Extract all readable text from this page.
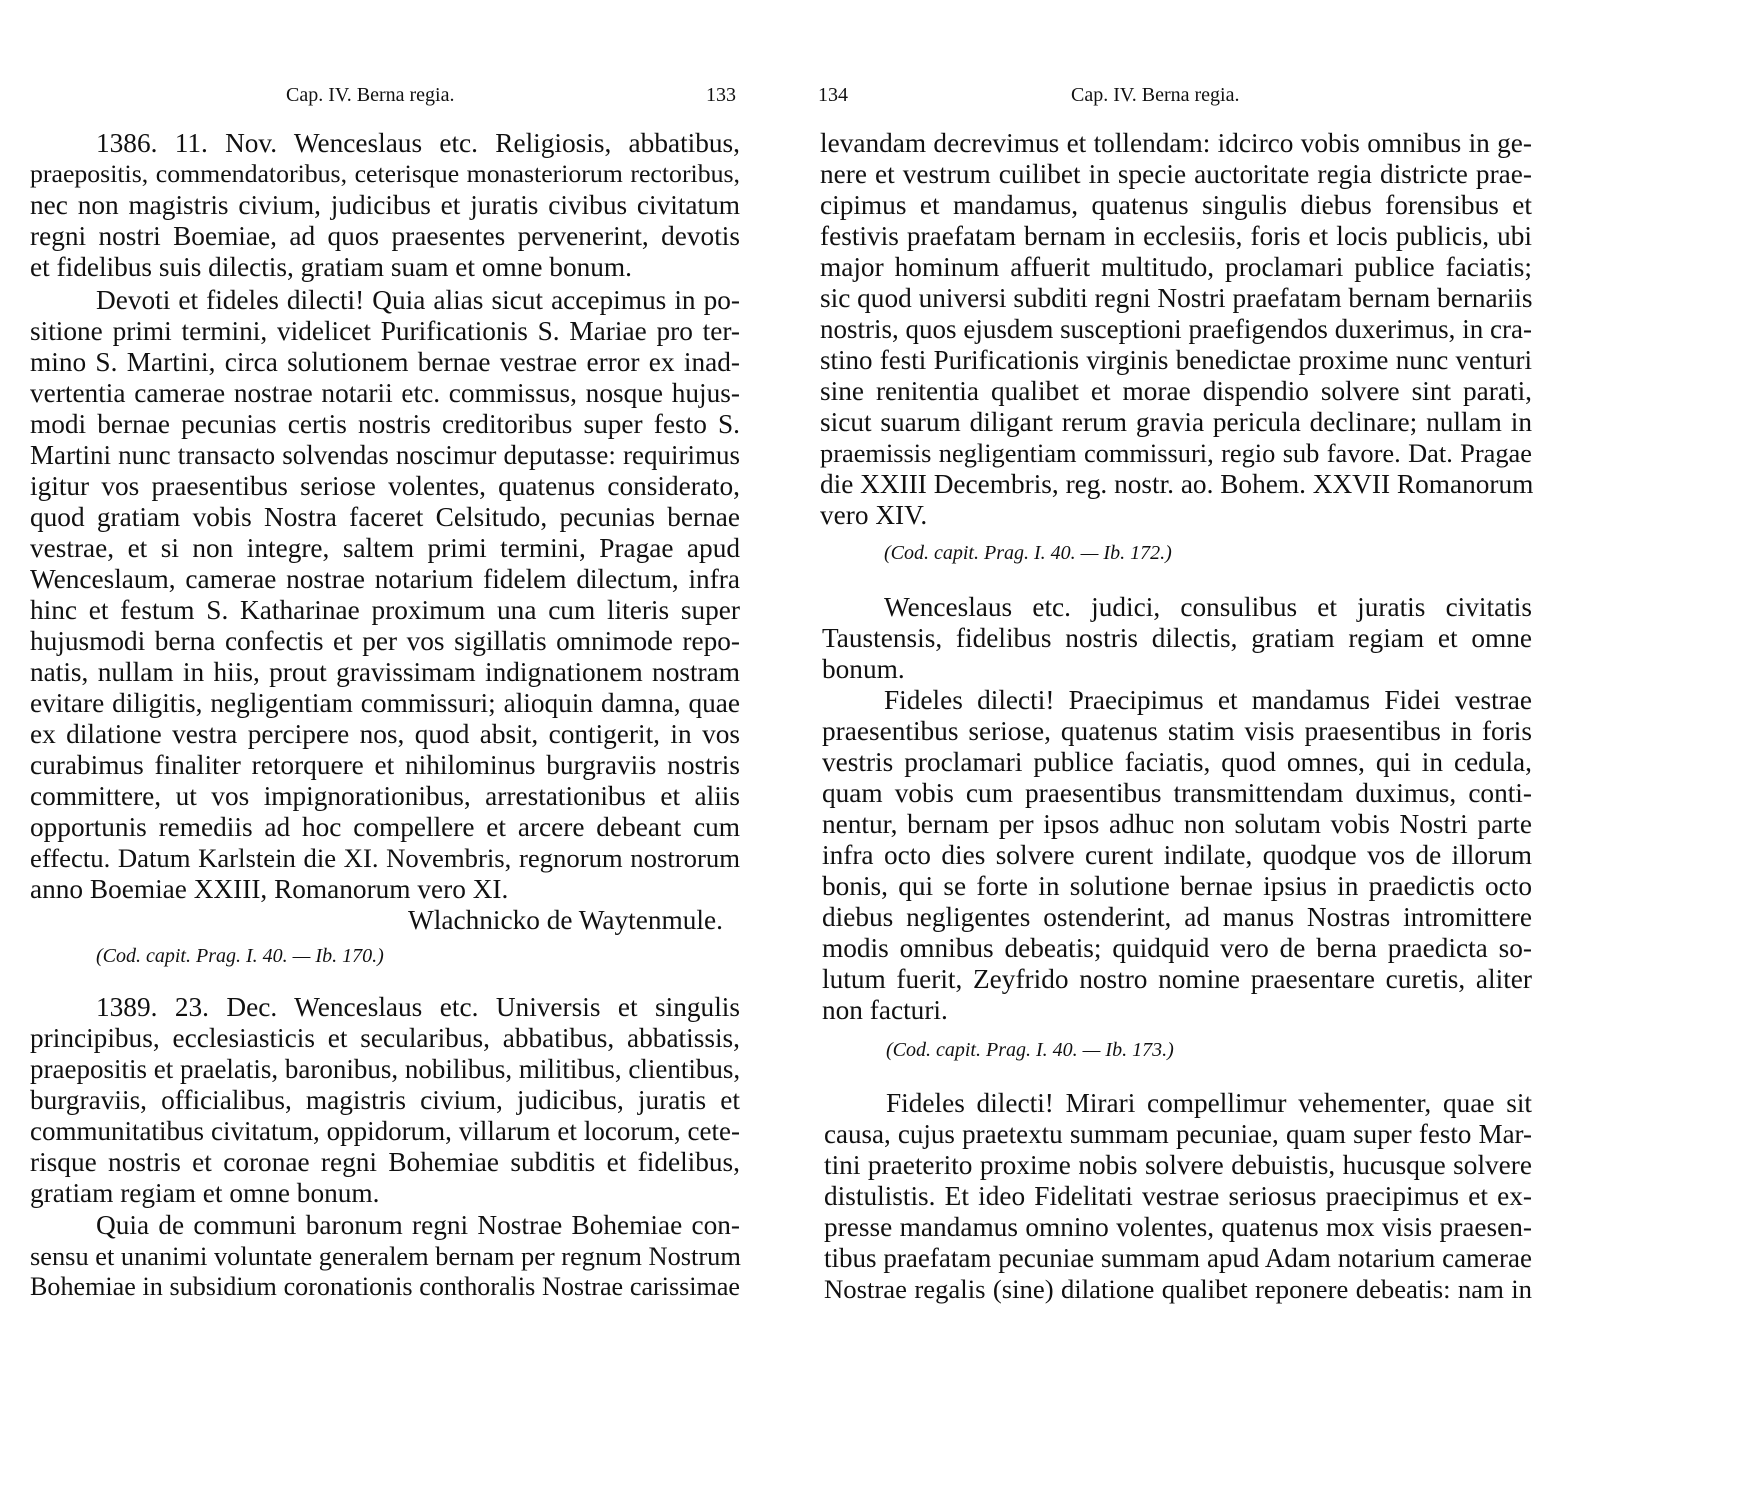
Cap. IV. Berna regia.	133
1386. 11. Nov. Wenceslaus etc. Religiosis, abbatibus,
praepositis, commendatoribus, ceterisque monasteriorum rectoribus,
nec non magistris civium, judicibus et juratis civibus civitatum
regni nostri Boemiae, ad quos praesentes pervenerint, devotis
et fidelibus suis dilectis, gratiam suam et omne bonum.
Devoti et fideles dilecti! Quia alias sicut accepimus in po-
sitione primi termini, videlicet Purificationis S. Mariae pro ter-
mino S. Martini, circa solutionem bernae vestrae error ex inad-
vertentia camerae nostrae notarii etc. commissus, nosque hujus-
modi bernae pecunias certis nostris creditoribus super festo S.
Martini nunc transacto solvendas noscimur deputasse: requirimus
igitur vos praesentibus seriose volentes, quatenus considerato,
quod gratiam vobis Nostra faceret Celsitudo, pecunias bernae
vestrae, et si non integre, saltem primi termini, Pragae apud
Wenceslaum, camerae nostrae notarium fidelem dilectum, infra
hinc et festum S. Katharinae proximum una cum literis super
hujusmodi berna confectis et per vos sigillatis omnimode repo-
natis, nullam in hiis, prout gravissimam indignationem nostram
evitare diligitis, negligentiam commissuri; alioquin damna, quae
ex dilatione vestra percipere nos, quod absit, contigerit, in vos
curabimus finaliter retorquere et nihilominus burgraviis nostris
committere, ut vos impignorationibus, arrestationibus et aliis
opportunis remediis ad hoc compellere et arcere debeant cum
effectu. Datum Karlstein die XI. Novembris, regnorum nostrorum
anno Boemiae XXIII, Romanorum vero XI.
Wlachnicko de Waytenmule.
(Cod. capit. Prag. I. 40. — Ib. 170.)
1389. 23. Dec. Wenceslaus etc. Universis et singulis
principibus, ecclesiasticis et secularibus, abbatibus, abbatissis,
praepositis et praelatis, baronibus, nobilibus, militibus, clientibus,
burgraviis, officialibus, magistris civium, judicibus, juratis et
communitatibus civitatum, oppidorum, villarum et locorum, cete-
risque nostris et coronae regni Bohemiae subditis et fidelibus,
gratiam regiam et omne bonum.
Quia de communi baronum regni Nostrae Bohemiae con-
sensu et unanimi voluntate generalem bernam per regnum Nostrum
Bohemiae in subsidium coronationis conthoralis Nostrae carissimae
134	Cap. IV. Berna regia.
levandam decrevimus et tollendam: idcirco vobis omnibus in ge-
nere et vestrum cuilibet in specie auctoritate regia districte prae-
cipimus et mandamus, quatenus singulis diebus forensibus et
festivis praefatam bernam in ecclesiis, foris et locis publicis, ubi
major hominum affuerit multitudo, proclamari publice faciatis;
sic quod universi subditi regni Nostri praefatam bernam bernariis
nostris, quos ejusdem susceptioni praefigendos duxerimus, in cra-
stino festi Purificationis virginis benedictae proxime nunc venturi
sine renitentia qualibet et morae dispendio solvere sint parati,
sicut suarum diligant rerum gravia pericula declinare; nullam in
praemissis negligentiam commissuri, regio sub favore. Dat. Pragae
die XXIII Decembris, reg. nostr. ao. Bohem. XXVII Romanorum
vero XIV.
(Cod. capit. Prag. I. 40. — Ib. 172.)
Wenceslaus etc. judici, consulibus et juratis civitatis
Taustensis, fidelibus nostris dilectis, gratiam regiam et omne
bonum.
Fideles dilecti! Praecipimus et mandamus Fidei vestrae
praesentibus seriose, quatenus statim visis praesentibus in foris
vestris proclamari publice faciatis, quod omnes, qui in cedula,
quam vobis cum praesentibus transmittendam duximus, conti-
nentur, bernam per ipsos adhuc non solutam vobis Nostri parte
infra octo dies solvere curent indilate, quodque vos de illorum
bonis, qui se forte in solutione bernae ipsius in praedictis octo
diebus negligentes ostenderint, ad manus Nostras intromittere
modis omnibus debeatis; quidquid vero de berna praedicta so-
lutum fuerit, Zeyfrido nostro nomine praesentare curetis, aliter
non facturi.
(Cod. capit. Prag. I. 40. — Ib. 173.)
Fideles dilecti! Mirari compellimur vehementer, quae sit
causa, cujus praetextu summam pecuniae, quam super festo Mar-
tini praeterito proxime nobis solvere debuistis, hucusque solvere
distulistis. Et ideo Fidelitati vestrae seriosus praecipimus et ex-
presse mandamus omnino volentes, quatenus mox visis praesen-
tibus praefatam pecuniae summam apud Adam notarium camerae
Nostrae regalis (sine) dilatione qualibet reponere debeatis: nam in
